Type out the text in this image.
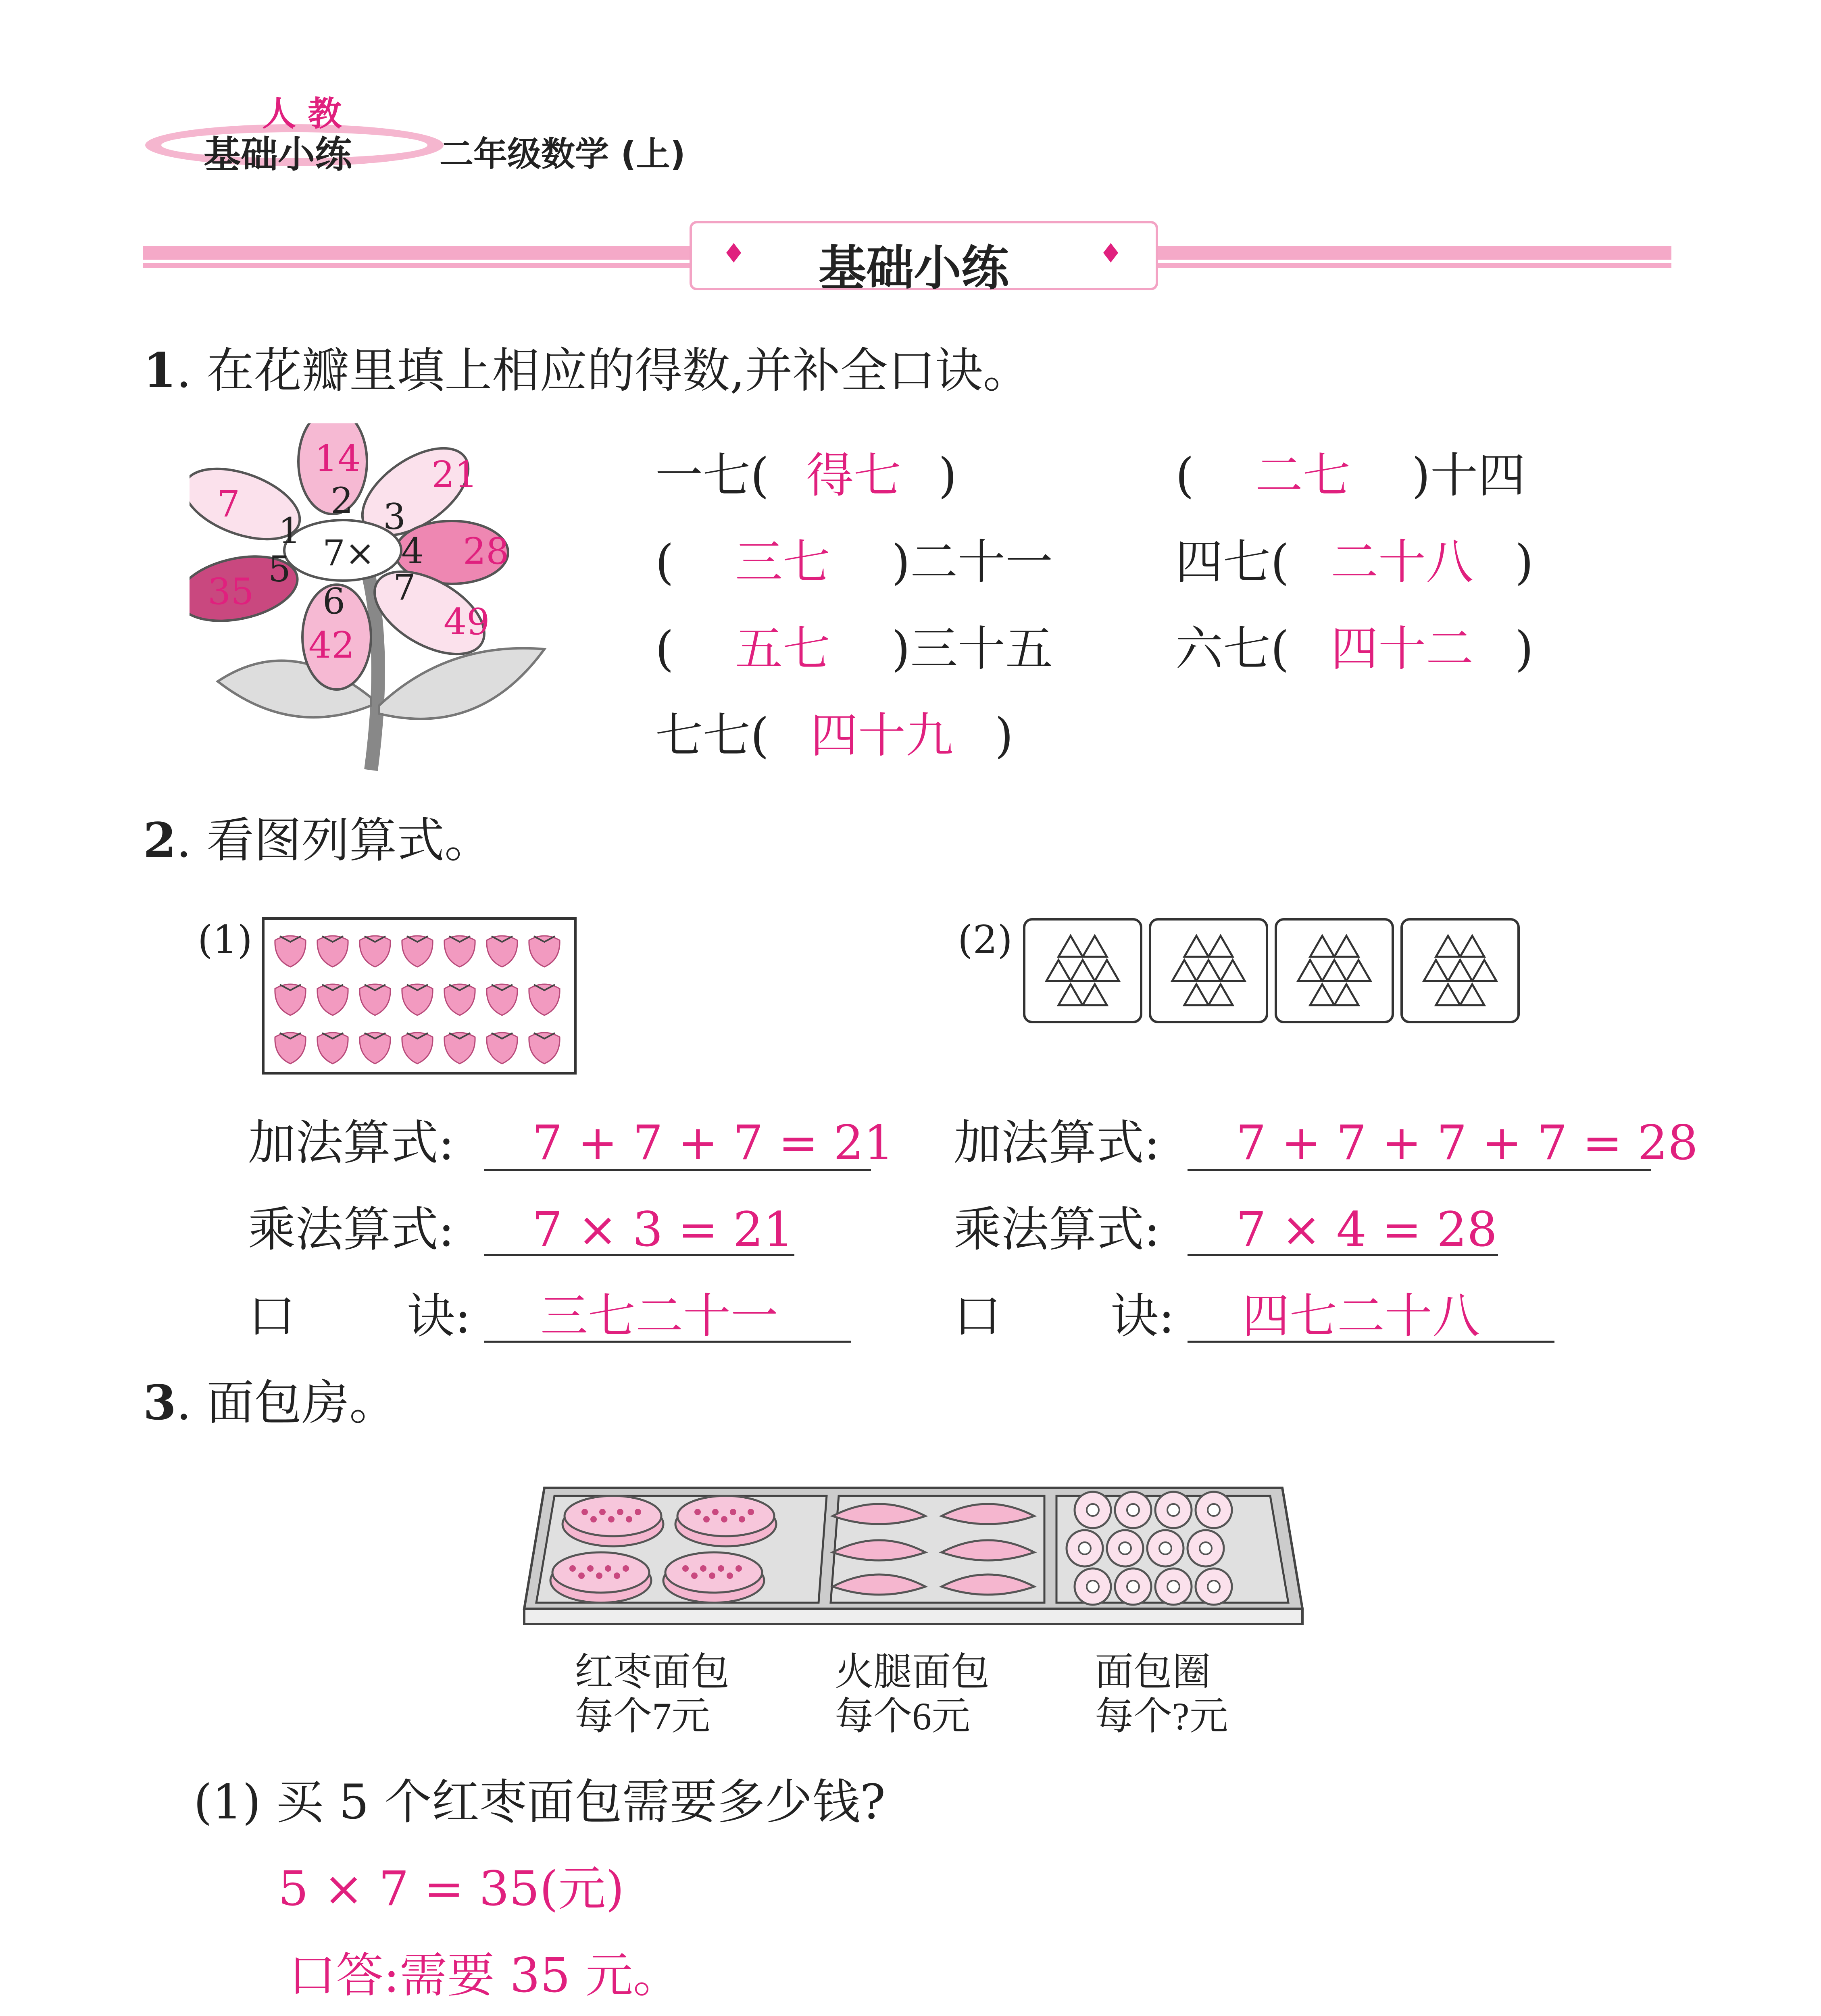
人 教
基础小练	二年级数学 (上)
♦	♦
基础小练
1. 在花瓣里填上相应的得数,并补全口诀。
14 21
7
28
35
49
42
1
2 3
4
5
6 7
7×
一七( 得七 )	( 二七 )十四
( 三七 )二十一	四七( 二十八 )
( 五七 )三十五	六七( 四十二 )
七七( 四十九 )
2. 看图列算式。
(1)	(2)
加法算式: 7 + 7 + 7 = 21
乘法算式: 7 × 3 = 21
口 诀: 三七二十一
加法算式: 7 + 7 + 7 + 7 = 28
乘法算式: 7 × 4 = 28
口 诀: 四七二十八
3. 面包房。
红枣面包
每个7元
火腿面包
每个6元
面包圈
每个?元
(1) 买 5 个红枣面包需要多少钱?
5 × 7 = 35(元)
口答:需要 35 元。
